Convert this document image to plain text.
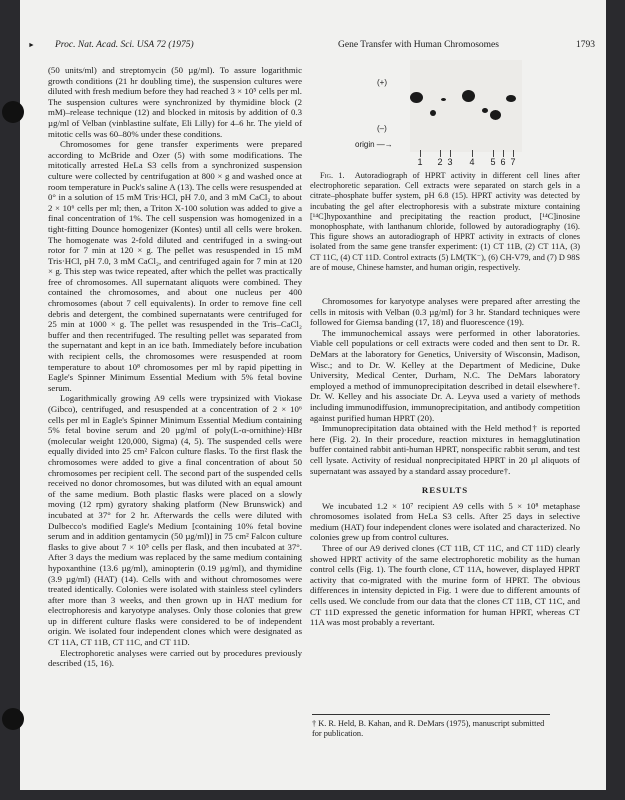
► Proc. Nat. Acad. Sci. USA 72 (1975)	Gene Transfer with Human Chromosomes	1793

(50 units/ml) and streptomycin (50 µg/ml). To assure logarithmic growth conditions (21 hr doubling time), the suspension cultures were diluted with fresh medium before they had reached 3 × 10⁵ cells per ml. The suspension cultures were synchronized by thymidine block (2 mM)–release technique (12) and blocked in mitosis by addition of 0.3 µg/ml of Velban (vinblastine sulfate, Eli Lilly) for 4–6 hr. The yield of mitotic cells was 60–80% under these conditions.

Chromosomes for gene transfer experiments were prepared according to McBride and Ozer (5) with some modifications. The mitotically arrested HeLa S3 cells from a synchronized suspension culture were collected by centrifugation at 800 × g and washed once at room temperature in Puck's saline A (13). The cells were resuspended at 0° in a solution of 15 mM Tris·HCl, pH 7.0, and 3 mM CaCl₂ to about 2 × 10⁶ cells per ml; then, a Triton X-100 solution was added to give a final concentration of 1%. The cell suspension was homogenized in a tight-fitting Dounce homogenizer (Kontes) until all cells were broken. The homogenate was 2-fold diluted and centrifuged in a swing-out rotor for 7 min at 120 × g. The pellet was resuspended in 15 mM Tris·HCl, pH 7.0, 3 mM CaCl₂, and centrifuged again for 7 min at 120 × g. This step was twice repeated, after which the pellet was practically free of chromosomes. All supernatant aliquots were combined. They contained the chromosomes, and about one nucleus per 400 chromosomes (about 7 cell equivalents). In order to remove fine cell debris and detergent, the combined supernatants were centrifuged for 25 min at 1000 × g. The pellet was resuspended in the Tris–CaCl₂ buffer and then recentrifuged. The resulting pellet was separated from the supernatant and kept in an ice bath. Immediately before incubation with recipient cells, the chromosomes were resuspended at room temperature to about 10⁸ chromosomes per ml by rapid pipetting in Eagle's Spinner Minimum Essential Medium with 5% fetal bovine serum.

Logarithmically growing A9 cells were trypsinized with Viokase (Gibco), centrifuged, and resuspended at a concentration of 2 × 10⁶ cells per ml in Eagle's Spinner Minimum Essential Medium containing 5% fetal bovine serum and 20 µg/ml of poly(L-α-ornithine)·HBr (molecular weight 120,000, Sigma) (4, 5). The suspended cells were equally divided into 25 cm² Falcon culture flasks. To the first flask the chromosomes were added to give a final concentration of about 50 chromosomes per recipient cell. The second part of the suspended cells received no donor chromosomes, but was diluted with an equal amount of the same medium. Both plastic flasks were placed on a slowly moving (12 rpm) gyratory shaking platform (New Brunswick) and incubated at 37° for 2 hr. Afterwards the cells were diluted with Dulbecco's modified Eagle's Medium [containing 10% fetal bovine serum and in addition gentamycin (50 µg/ml)] in 75 cm² Falcon culture flasks to give about 7 × 10⁵ cells per flask, and then incubated at 37°. After 3 days the medium was replaced by the same medium containing hypoxanthine (13.6 µg/ml), aminopterin (0.19 µg/ml), and thymidine (3.9 µg/ml) (HAT) (14). Cells with and without chromosomes were treated identically. Colonies were isolated with stainless steel cylinders after more than 3 weeks, and then grown up in HAT medium for electrophoresis and karyotype analyses. Only those colonies that grew up in different culture flasks were considered to be of independent origin. We isolated four independent clones which were designated as CT 11A, CT 11B, CT 11C, and CT 11D.

Electrophoretic analyses were carried out by procedures previously described (15, 16).

(+)
(–)
origin —→
1 2 3 4 5 6 7

Fig. 1. Autoradiograph of HPRT activity in different cell lines after electrophoretic separation. Cell extracts were separated on starch gels in a citrate–phosphate buffer system, pH 6.8 (15). HPRT activity was detected by incubating the gel after electrophoresis with a substrate mixture containing [¹⁴C]hypoxanthine and precipitating the reaction product, [¹⁴C]inosine monophosphate, with lanthanum chloride, followed by autoradiography (16). This figure shows an autoradiograph of HPRT activity in extracts of clones isolated from the same gene transfer experiment: (1) CT 11B, (2) CT 11A, (3) CT 11C, (4) CT 11D. Control extracts (5) LM(TK⁻), (6) CH-V79, and (7) D 98S are of mouse, Chinese hamster, and human origin, respectively.

Chromosomes for karyotype analyses were prepared after arresting the cells in mitosis with Velban (0.3 µg/ml) for 3 hr. Standard techniques were followed for Giemsa banding (17, 18) and fluorescence (19).

The immunochemical assays were performed in other laboratories. Viable cell populations or cell extracts were coded and then sent to Dr. R. DeMars at the laboratory for Genetics, University of Wisconsin, Madison, Wisc.; and to Dr. W. Kelley at the Department of Medicine, Duke University, Medical Center, Durham, N.C. The DeMars laboratory employed a method of immunoprecipitation described in detail elsewhere†. Dr. W. Kelley and his associate Dr. A. Leyva used a variety of methods including immunodiffusion, immunoprecipitation, and antibody competition against purified human HPRT (20).

Immunoprecipitation data obtained with the Held method† is reported here (Fig. 2). In their procedure, reaction mixtures in hemagglutination buffer contained rabbit anti-human HPRT, nonspecific rabbit serum, and test cell lysate. Activity of residual nonprecipitated HPRT in 20 µl aliquots of supernatant was assayed by a standard assay procedure†.

RESULTS

We incubated 1.2 × 10⁷ recipient A9 cells with 5 × 10⁸ metaphase chromosomes isolated from HeLa S3 cells. After 25 days in selective medium (HAT) four independent clones were isolated and characterized. No colonies grew up from control cultures.

Three of our A9 derived clones (CT 11B, CT 11C, and CT 11D) clearly showed HPRT activity of the same electrophoretic mobility as the human control cells (Fig. 1). The fourth clone, CT 11A, however, displayed HPRT activity that co-migrated with the murine form of HPRT. The obvious differences in intensity depicted in Fig. 1 were due to different amounts of cells used. We conclude from our data that the clones CT 11B, CT 11C, and CT 11D expressed the genetic information for human HPRT, whereas CT 11A was most probably a revertant.

† K. R. Held, B. Kahan, and R. DeMars (1975), manuscript submitted for publication.
